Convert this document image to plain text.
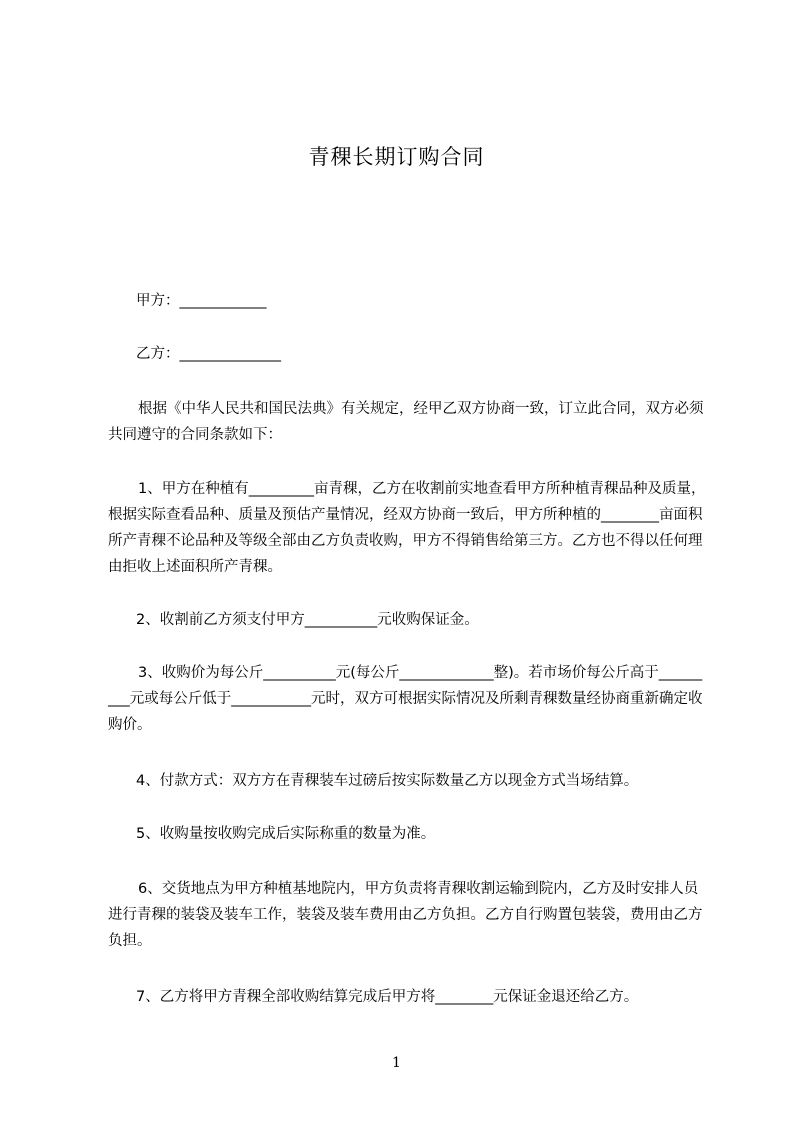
青稞长期订购合同
甲方：____________
乙方：______________
根据《中华人民共和国民法典》有关规定，经甲乙双方协商一致，订立此合同，双方必须共同遵守的合同条款如下：
1、甲方在种植有_________亩青稞，乙方在收割前实地查看甲方所种植青稞品种及质量，根据实际查看品种、质量及预估产量情况，经双方协商一致后，甲方所种植的________亩面积所产青稞不论品种及等级全部由乙方负责收购，甲方不得销售给第三方。乙方也不得以任何理由拒收上述面积所产青稞。
2、收割前乙方须支付甲方__________元收购保证金。
3、收购价为每公斤__________元(每公斤_____________整)。若市场价每公斤高于_________元或每公斤低于___________元时，双方可根据实际情况及所剩青稞数量经协商重新确定收购价。
4、付款方式：双方方在青稞装车过磅后按实际数量乙方以现金方式当场结算。
5、收购量按收购完成后实际称重的数量为准。
6、交货地点为甲方种植基地院内，甲方负责将青稞收割运输到院内，乙方及时安排人员进行青稞的装袋及装车工作，装袋及装车费用由乙方负担。乙方自行购置包装袋，费用由乙方负担。
7、乙方将甲方青稞全部收购结算完成后甲方将________元保证金退还给乙方。
1
